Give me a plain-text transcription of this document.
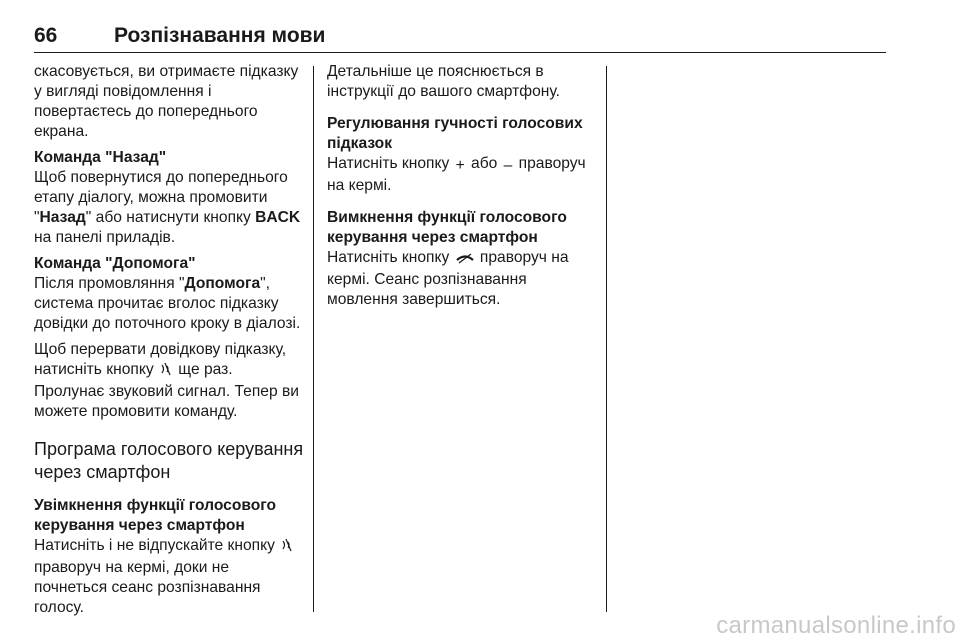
66	Розпізнавання мови

скасовується, ви отримаєте підказку у вигляді повідомлення і повертаєтесь до попереднього екрана.

Команда "Назад"

Щоб повернутися до попереднього етапу діалогу, можна промовити "Назад" або натиснути кнопку BACK на панелі приладів.

Команда "Допомога"

Після промовляння "Допомога", система прочитає вголос підказку довідки до поточного кроку в діалозі.

Щоб перервати довідкову підказку, натисніть кнопку  ще раз. Пролунає звуковий сигнал. Тепер ви можете промовити команду.

Програма голосового керування через смартфон

Увімкнення функції голосового керування через смартфон

Натисніть і не відпускайте кнопку  праворуч на кермі, доки не почнеться сеанс розпізнавання голосу.

Детальніше це пояснюється в інструкції до вашого смартфону.

Регулювання гучності голосових підказок

Натисніть кнопку + або – праворуч на кермі.

Вимкнення функції голосового керування через смартфон

Натисніть кнопку  праворуч на кермі. Сеанс розпізнавання мовлення завершиться.

carmanualsonline.info
